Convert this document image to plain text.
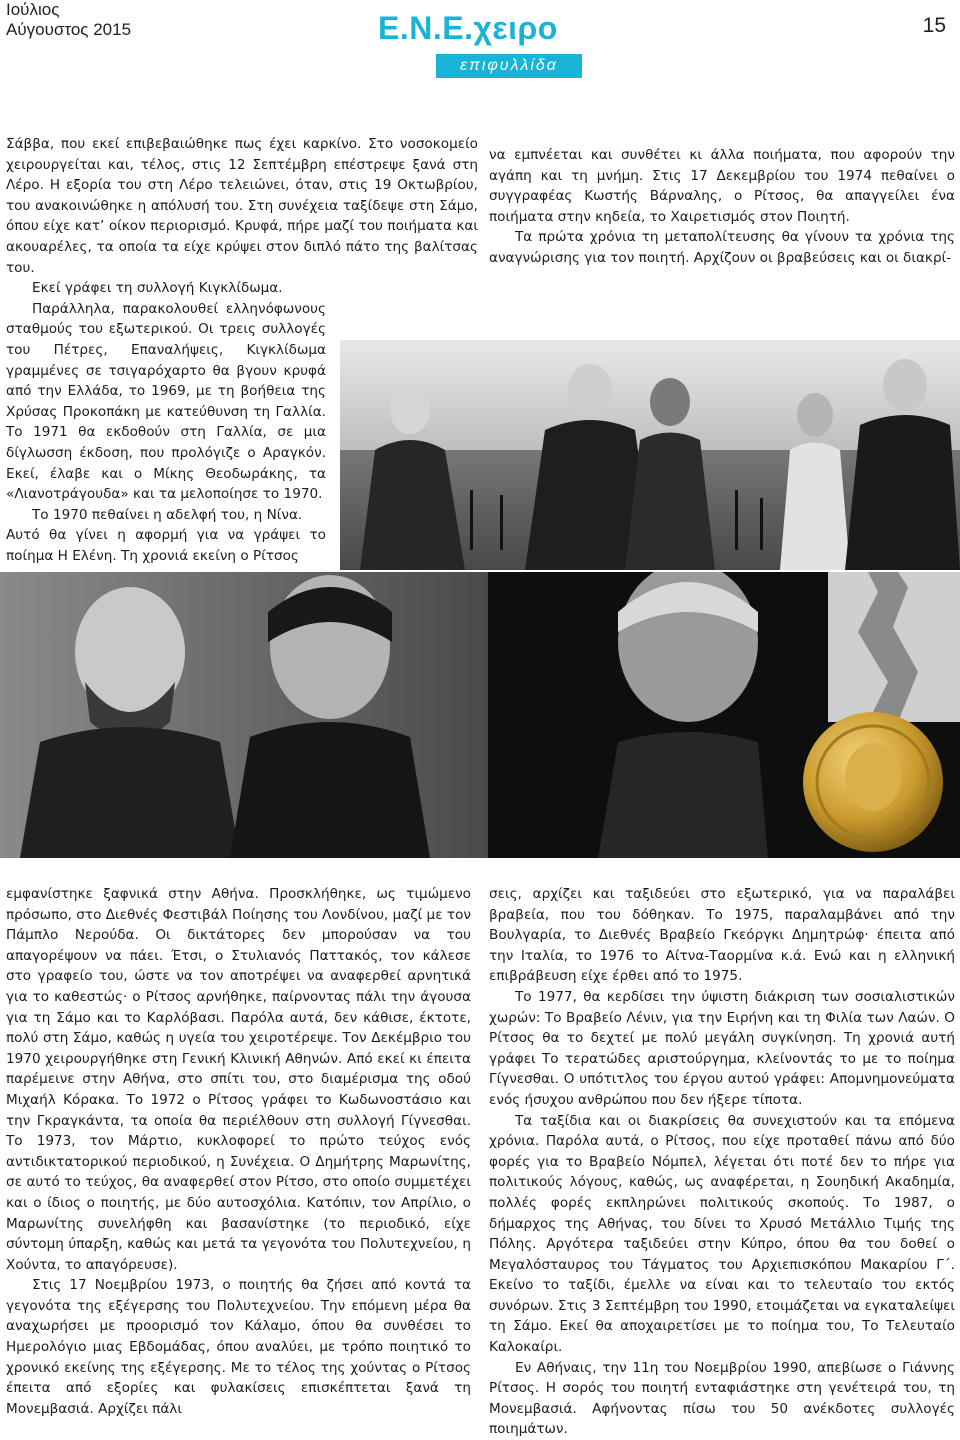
Ιούλιος
Αύγουστος 2015	Ε.Ν.Ε.χειρο
επιφυλλίδα
15

Σάββα, που εκεί επιβεβαιώθηκε πως έχει καρκίνο. Στο νοσοκομείο χειρουργείται και, τέλος, στις 12 Σεπτέμβρη επέστρεψε ξανά στη Λέρο. Η εξορία του στη Λέρο τελειώνει, όταν, στις 19 Οκτωβρίου, του ανακοινώθηκε η απόλυσή του. Στη συνέχεια ταξίδεψε στη Σάμο, όπου είχε κατ’ οίκον περιορισμό. Κρυφά, πήρε μαζί του ποιήματα και ακουαρέλες, τα οποία τα είχε κρύψει στον διπλό πάτο της βαλίτσας του.

Εκεί γράφει τη συλλογή Κιγκλίδωμα.

Παράλληλα, παρακολουθεί ελληνόφωνους σταθμούς του εξωτερικού. Οι τρεις συλλογές του Πέτρες, Επαναλήψεις, Κιγκλίδωμα γραμμένες σε τσιγαρόχαρτο θα βγουν κρυφά από την Ελλάδα, το 1969, με τη βοήθεια της Χρύσας Προκοπάκη με κατεύθυνση τη Γαλλία. Το 1971 θα εκδοθούν στη Γαλλία, σε μια δίγλωσση έκδοση, που προλόγιζε ο Αραγκόν. Εκεί, έλαβε και ο Μίκης Θεοδωράκης, τα «Λιανοτράγουδα» και τα μελοποίησε το 1970.

Το 1970 πεθαίνει η αδελφή του, η Νίνα.

Αυτό θα γίνει η αφορμή για να γράψει το ποίημα Η Ελένη. Τη χρονιά εκείνη ο Ρίτσος

να εμπνέεται και συνθέτει κι άλλα ποιήματα, που αφορούν την αγάπη και τη μνήμη. Στις 17 Δεκεμβρίου του 1974 πεθαίνει ο συγγραφέας Κωστής Βάρναλης, ο Ρίτσος, θα απαγγείλει ένα ποιήματα στην κηδεία, το Χαιρετισμός στον Ποιητή.

Τα πρώτα χρόνια τη μεταπολίτευσης θα γίνουν τα χρόνια της αναγνώρισης για τον ποιητή. Αρχίζουν οι βραβεύσεις και οι διακρί-

εμφανίστηκε ξαφνικά στην Αθήνα. Προσκλήθηκε, ως τιμώμενο πρόσωπο, στο Διεθνές Φεστιβάλ Ποίησης του Λονδίνου, μαζί με τον Πάμπλο Νερούδα. Οι δικτάτορες δεν μπορούσαν να του απαγορέψουν να πάει. Έτσι, ο Στυλιανός Παττακός, τον κάλεσε στο γραφείο του, ώστε να τον αποτρέψει να αναφερθεί αρνητικά για το καθεστώς· ο Ρίτσος αρνήθηκε, παίρνοντας πάλι την άγουσα για τη Σάμο και το Καρλόβασι. Παρόλα αυτά, δεν κάθισε, έκτοτε, πολύ στη Σάμο, καθώς η υγεία του χειροτέρεψε. Τον Δεκέμβριο του 1970 χειρουργήθηκε στη Γενική Κλινική Αθηνών. Από εκεί κι έπειτα παρέμεινε στην Αθήνα, στο σπίτι του, στο διαμέρισμα της οδού Μιχαήλ Κόρακα. Το 1972 ο Ρίτσος γράφει το Κωδωνοστάσιο και την Γκραγκάντα, τα οποία θα περιέλθουν στη συλλογή Γίγνεσθαι. Το 1973, τον Μάρτιο, κυκλοφορεί το πρώτο τεύχος ενός αντιδικτατορικού περιοδικού, η Συνέχεια. Ο Δημήτρης Μαρωνίτης, σε αυτό το τεύχος, θα αναφερθεί στον Ρίτσο, στο οποίο συμμετέχει και ο ίδιος ο ποιητής, με δύο αυτοσχόλια. Κατόπιν, τον Απρίλιο, ο Μαρωνίτης συνελήφθη και βασανίστηκε (το περιοδικό, είχε σύντομη ύπαρξη, καθώς και μετά τα γεγονότα του Πολυτεχνείου, η Χούντα, το απαγόρευσε).

Στις 17 Νοεμβρίου 1973, ο ποιητής θα ζήσει από κοντά τα γεγονότα της εξέγερσης του Πολυτεχνείου. Την επόμενη μέρα θα αναχωρήσει με προορισμό τον Κάλαμο, όπου θα συνθέσει το Ημερολόγιο μιας Εβδομάδας, όπου αναλύει, με τρόπο ποιητικό το χρονικό εκείνης της εξέγερσης. Με το τέλος της χούντας ο Ρίτσος έπειτα από εξορίες και φυλακίσεις επισκέπτεται ξανά τη Μονεμβασιά. Αρχίζει πάλι

σεις, αρχίζει και ταξιδεύει στο εξωτερικό, για να παραλάβει βραβεία, που του δόθηκαν. Το 1975, παραλαμβάνει από την Βουλγαρία, το Διεθνές Βραβείο Γκεόργκι Δημητρώφ· έπειτα από την Ιταλία, το 1976 το Αίτνα-Ταορμίνα κ.ά. Ενώ και η ελληνική επιβράβευση είχε έρθει από το 1975.

Το 1977, θα κερδίσει την ύψιστη διάκριση των σοσιαλιστικών χωρών: Το Βραβείο Λένιν, για την Ειρήνη και τη Φιλία των Λαών. Ο Ρίτσος θα το δεχτεί με πολύ μεγάλη συγκίνηση. Τη χρονιά αυτή γράφει Το τερατώδες αριστούργημα, κλείνοντάς το με το ποίημα Γίγνεσθαι. Ο υπότιτλος του έργου αυτού γράφει: Απομνημονεύματα ενός ήσυχου ανθρώπου που δεν ήξερε τίποτα.

Τα ταξίδια και οι διακρίσεις θα συνεχιστούν και τα επόμενα χρόνια. Παρόλα αυτά, ο Ρίτσος, που είχε προταθεί πάνω από δύο φορές για το Βραβείο Νόμπελ, λέγεται ότι ποτέ δεν το πήρε για πολιτικούς λόγους, καθώς, ως αναφέρεται, η Σουηδική Ακαδημία, πολλές φορές εκπληρώνει πολιτικούς σκοπούς. Το 1987, ο δήμαρχος της Αθήνας, του δίνει το Χρυσό Μετάλλιο Τιμής της Πόλης. Αργότερα ταξιδεύει στην Κύπρο, όπου θα του δοθεί ο Μεγαλόσταυρος του Τάγματος του Αρχιεπισκόπου Μακαρίου Γ΄. Εκείνο το ταξίδι, έμελλε να είναι και το τελευταίο του εκτός συνόρων. Στις 3 Σεπτέμβρη του 1990, ετοιμάζεται να εγκαταλείψει τη Σάμο. Εκεί θα αποχαιρετίσει με το ποίημα του, Το Τελευταίο Καλοκαίρι.

Εν Αθήναις, την 11η του Νοεμβρίου 1990, απεβίωσε ο Γιάννης Ρίτσος. Η σορός του ποιητή ενταφιάστηκε στη γενέτειρά του, τη Μονεμβασιά. Αφήνοντας πίσω του 50 ανέκδοτες συλλογές ποιημάτων.
